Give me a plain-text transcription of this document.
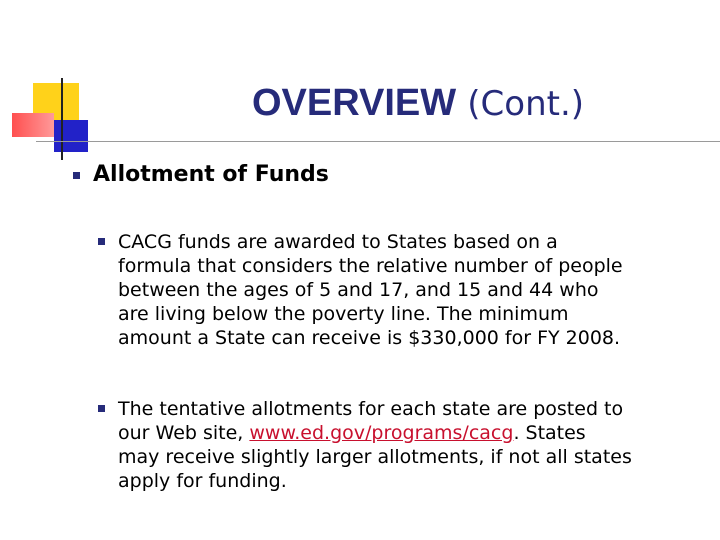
OVERVIEW (Cont.)
Allotment of Funds

CACG funds are awarded to States based on a
formula that considers the relative number of people
between the ages of 5 and 17, and 15 and 44 who
are living below the poverty line. The minimum
amount a State can receive is $330,000 for FY 2008.

The tentative allotments for each state are posted to
our Web site, www.ed.gov/programs/cacg. States
may receive slightly larger allotments, if not all states
apply for funding.
